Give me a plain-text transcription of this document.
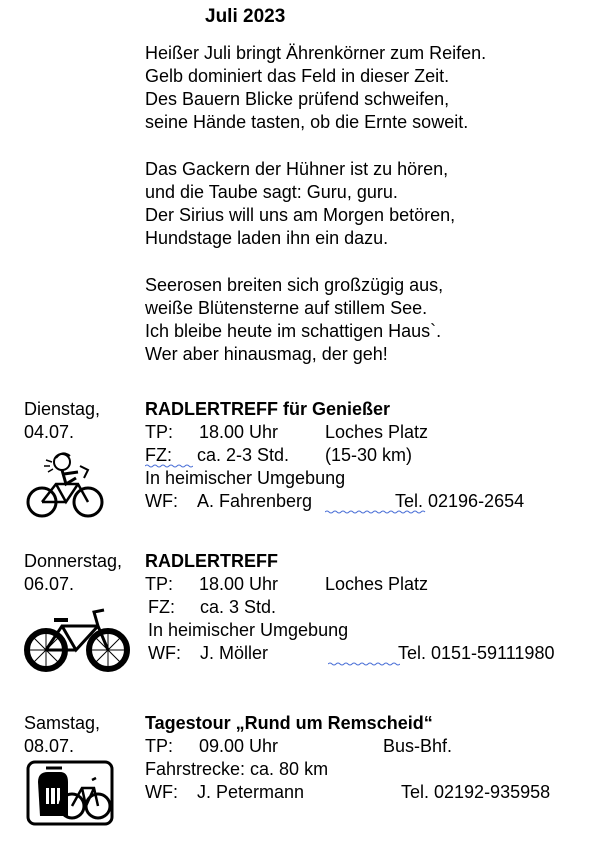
Juli 2023
Heißer Juli bringt Ährenkörner zum Reifen.
Gelb dominiert das Feld in dieser Zeit.
Des Bauern Blicke prüfend schweifen,
seine Hände tasten, ob die Ernte soweit.
Das Gackern der Hühner ist zu hören,
und die Taube sagt: Guru, guru.
Der Sirius will uns am Morgen betören,
Hundstage laden ihn ein dazu.
Seerosen breiten sich großzügig aus,
weiße Blütensterne auf stillem See.
Ich bleibe heute im schattigen Haus`.
Wer aber hinausmag, der geh!
Dienstag,
04.07.
RADLERTREFF für Genießer
TP: 18.00 Uhr	Loches Platz
FZ: ca. 2-3 Std. (15-30 km)
In heimischer Umgebung
WF: A. Fahrenberg	Tel. 02196-2654
Donnerstag,
06.07.
RADLERTREFF
TP: 18.00 Uhr	Loches Platz
FZ: ca. 3 Std.
In heimischer Umgebung
WF: J. Möller	Tel. 0151-59111980
Samstag,
08.07.
Tagestour „Rund um Remscheid“
TP: 09.00 Uhr	Bus-Bhf.
Fahrstrecke: ca. 80 km
WF: J. Petermann	Tel. 02192-935958
